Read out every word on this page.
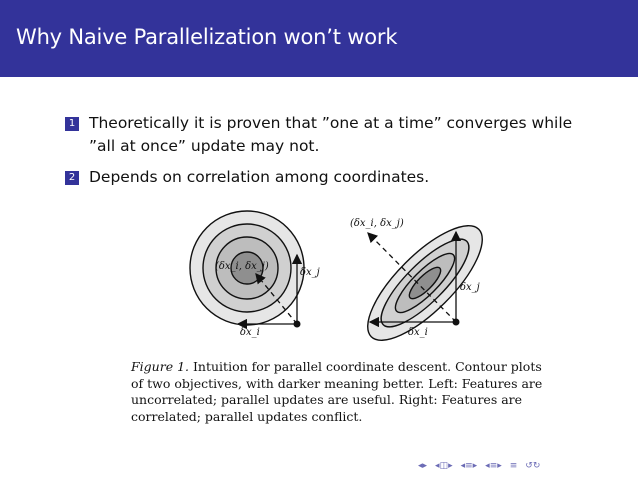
Why Naive Parallelization won’t work
1 Theoretically it is proven that ”one at a time” converges while ”all at once” update may not.
2 Depends on correlation among coordinates.
(δx_i, δx_j)
δx_j
δx_i
(δx_i, δx_j)
δx_j
δx_i
Figure 1. Intuition for parallel coordinate descent. Contour plots of two objectives, with darker meaning better. Left: Features are uncorrelated; parallel updates are useful. Right: Features are correlated; parallel updates conflict.
◂▸ ◂◫▸ ◂≡▸ ◂≡▸ ≡ ↺↻
